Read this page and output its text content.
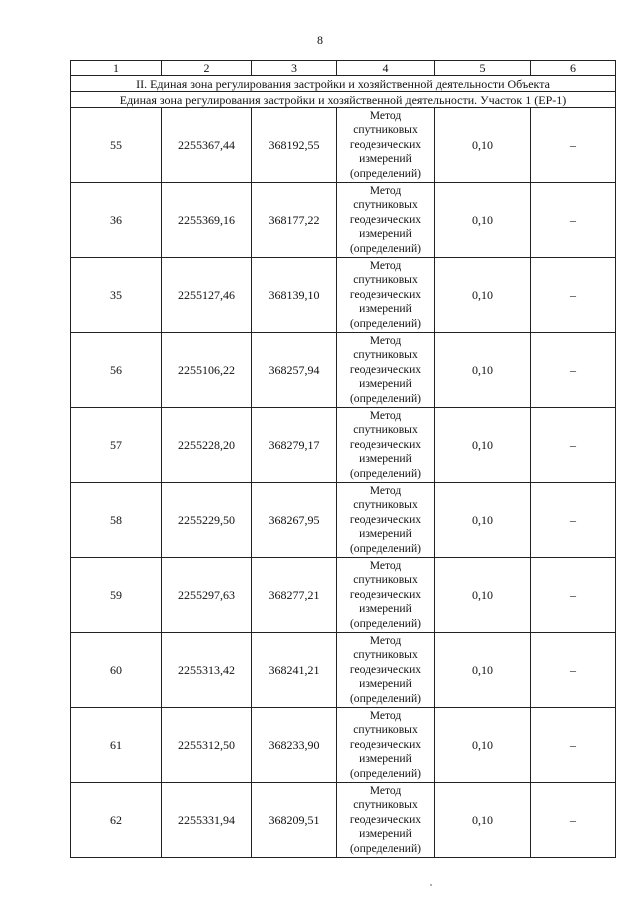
8
1	2	3	4	5	6
II. Единая зона регулирования застройки и хозяйственной деятельности Объекта					
Единая зона регулирования застройки и хозяйственной деятельности. Участок 1 (ЕР-1)					
55	2255367,44	368192,55	Метод
спутниковых
геодезических
измерений
(определений)	0,10	–
36	2255369,16	368177,22	Метод
спутниковых
геодезических
измерений
(определений)	0,10	–
35	2255127,46	368139,10	Метод
спутниковых
геодезических
измерений
(определений)	0,10	–
56	2255106,22	368257,94	Метод
спутниковых
геодезических
измерений
(определений)	0,10	–
57	2255228,20	368279,17	Метод
спутниковых
геодезических
измерений
(определений)	0,10	–
58	2255229,50	368267,95	Метод
спутниковых
геодезических
измерений
(определений)	0,10	–
59	2255297,63	368277,21	Метод
спутниковых
геодезических
измерений
(определений)	0,10	–
60	2255313,42	368241,21	Метод
спутниковых
геодезических
измерений
(определений)	0,10	–
61	2255312,50	368233,90	Метод
спутниковых
геодезических
измерений
(определений)	0,10	–
62	2255331,94	368209,51	Метод
спутниковых
геодезических
измерений
(определений)	0,10	–
